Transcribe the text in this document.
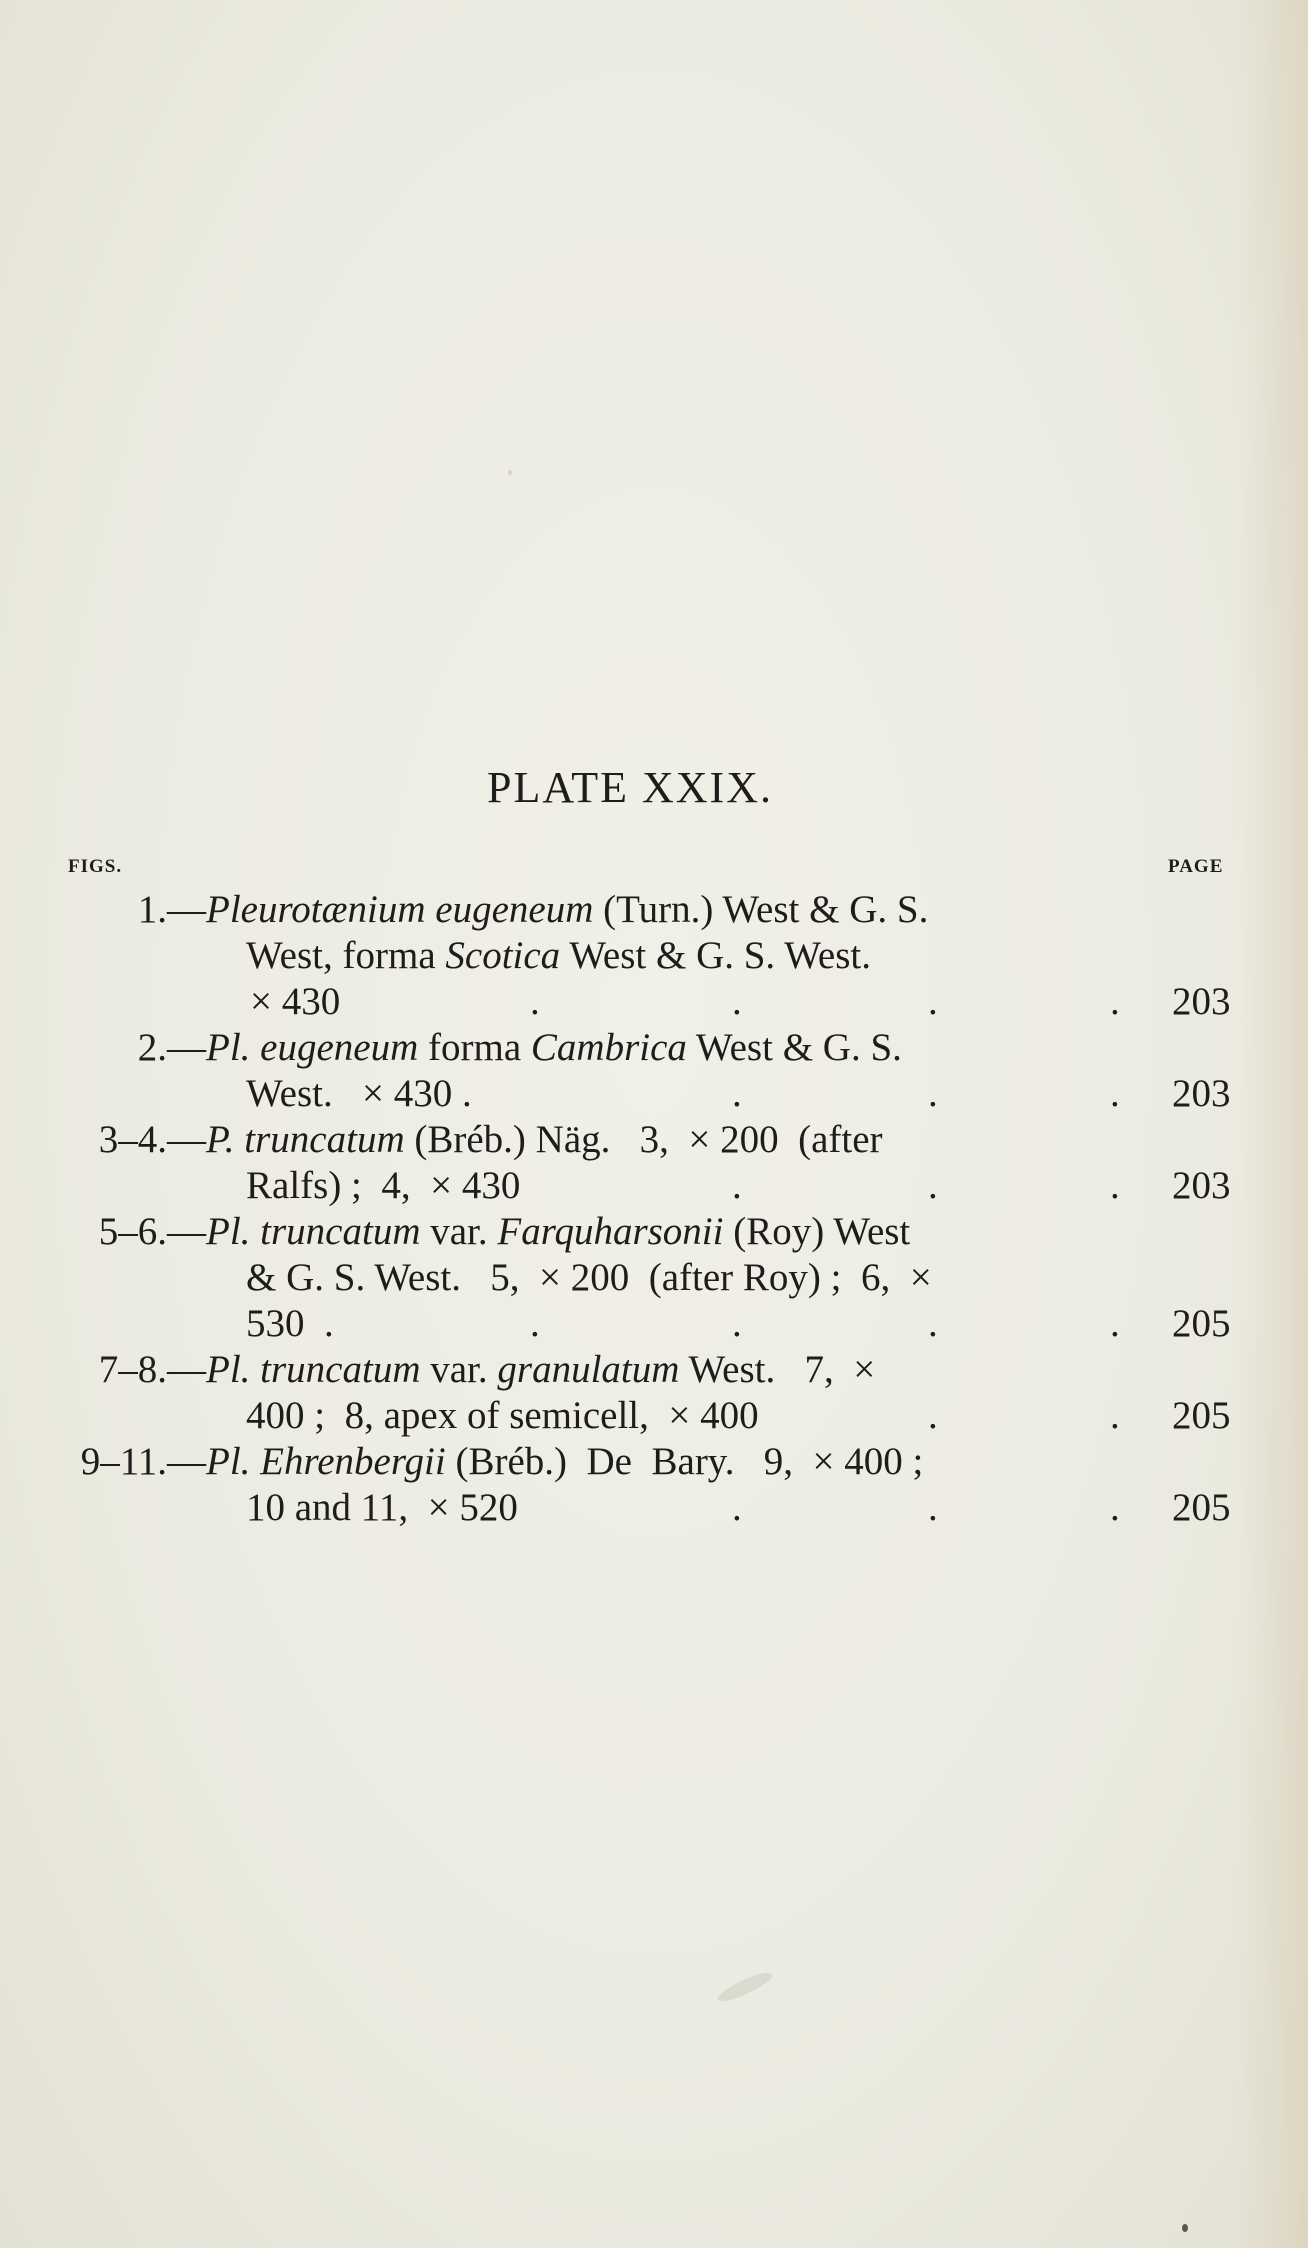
PLATE XXIX.
FIGS.	PAGE
1.— Pleurotænium eugeneum (Turn.) West & G. S.
West, forma Scotica West & G. S. West.
× 430	.	.	.	. 203
2.— Pl. eugeneum forma Cambrica West & G. S.
West.   × 430 .	.	.	. 203
3–4.— P. truncatum (Bréb.) Näg.   3,  × 200  (after
Ralfs) ;  4,  × 430	.	.	. 203
5–6.— Pl. truncatum var. Farquharsonii (Roy) West
& G. S. West.   5,  × 200  (after Roy) ;  6,  ×
530  .	.	.	.	. 205
7–8.— Pl. truncatum var. granulatum West.   7,  ×
400 ;  8, apex of semicell,  × 400	.	. 205
9–11.— Pl. Ehrenbergii (Bréb.)  De  Bary.   9,  × 400 ;
10 and 11,  × 520	.	.	. 205
